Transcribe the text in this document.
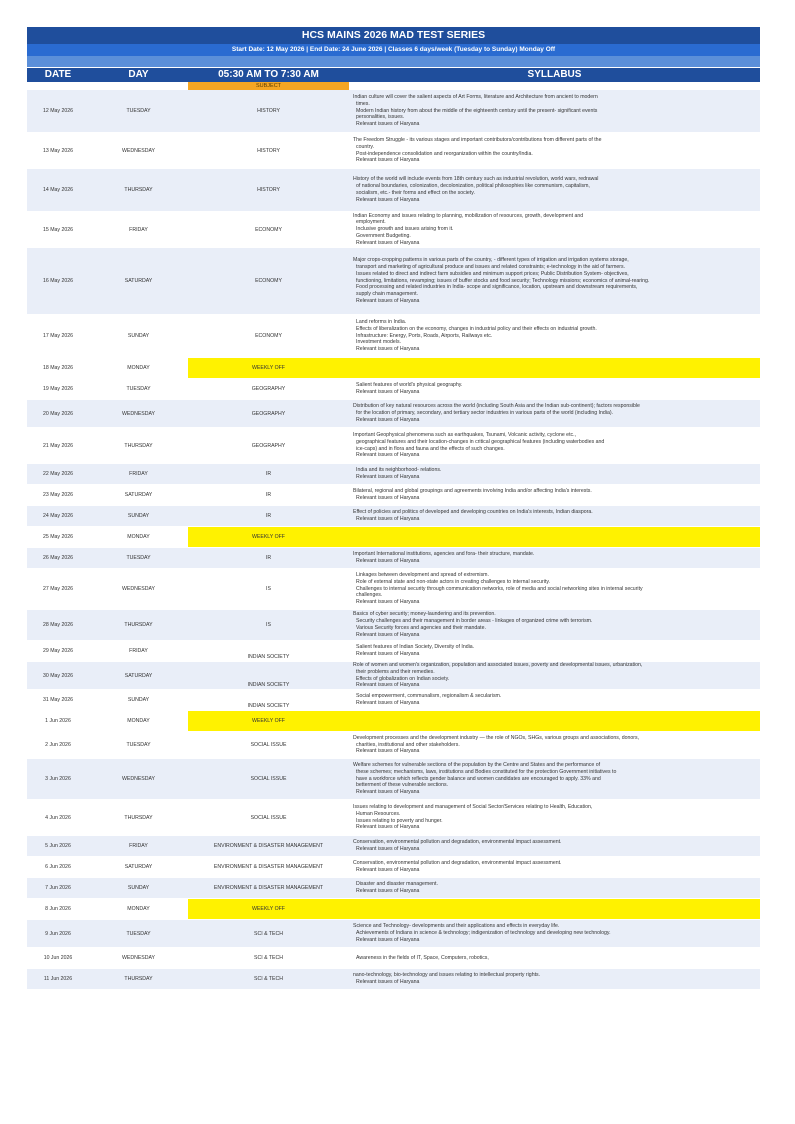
HCS MAINS 2026 MAD TEST SERIES
Start Date: 12 May 2026 | End Date: 24 June 2026 | Classes 6 days/week (Tuesday to Sunday) Monday Off
DATE	DAY	05:30 AM TO 7:30 AM	SYLLABUS
SUBJECT
12 May 2026	TUESDAY	HISTORY
Indian culture will cover the salient aspects of Art Forms, literature and Architecture from ancient to modern
times.
Modern Indian history from about the middle of the eighteenth century until the present- significant events
personalities, issues.
Relevant issues of Haryana
13 May 2026	WEDNESDAY	HISTORY
The Freedom Struggle - its various stages and important contributors/contributions from different parts of the
country.
Post-independence consolidation and reorganization within the country/India.
Relevant issues of Haryana
14 May 2026	THURSDAY	HISTORY
History of the world will include events from 18th century such as industrial revolution, world wars, redrawal
of national boundaries, colonization, decolonization, political philosophies like communism, capitalism,
socialism, etc.- their forms and effect on the society.
Relevant issues of Haryana
15 May 2026	FRIDAY	ECONOMY
Indian Economy and issues relating to planning, mobilization of resources, growth, development and
employment.
Inclusive growth and issues arising from it.
Government Budgeting.
Relevant issues of Haryana
16 May 2026	SATURDAY	ECONOMY
Major crops-cropping patterns in various parts of the country, - different types of irrigation and irrigation systems storage,
transport and marketing of agricultural produce and issues and related constraints; e-technology in the aid of farmers.
Issues related to direct and indirect farm subsidies and minimum support prices; Public Distribution System- objectives,
functioning, limitations, revamping; issues of buffer stocks and food security; Technology missions; economics of animal-rearing.
Food processing and related industries in India- scope and significance, location, upstream and downstream requirements,
supply chain management.
Relevant issues of Haryana
17 May 2026	SUNDAY	ECONOMY
Land reforms in India.
Effects of liberalization on the economy, changes in industrial policy and their effects on industrial growth.
Infrastructure: Energy, Ports, Roads, Airports, Railways etc.
Investment models.
Relevant issues of Haryana
18 May 2026	MONDAY	WEEKLY OFF
19 May 2026	TUESDAY	GEOGRAPHY
Salient features of world's physical geography.
Relevant issues of Haryana
20 May 2026	WEDNESDAY	GEOGRAPHY
Distribution of key natural resources across the world (including South Asia and the Indian sub-continent); factors responsible
for the location of primary, secondary, and tertiary sector industries in various parts of the world (including India).
Relevant issues of Haryana
21 May 2026	THURSDAY	GEOGRAPHY
Important Geophysical phenomena such as earthquakes, Tsunami, Volcanic activity, cyclone etc.,
geographical features and their location-changes in critical geographical features (including waterbodies and
ice-caps) and in flora and fauna and the effects of such changes.
Relevant issues of Haryana
22 May 2026	FRIDAY	IR
India and its neighborhood- relations.
Relevant issues of Haryana
23 May 2026	SATURDAY	IR
Bilateral, regional and global groupings and agreements involving India and/or affecting India's interests.
Relevant issues of Haryana
24 May 2026	SUNDAY	IR
Effect of policies and politics of developed and developing countries on India's interests, Indian diaspora.
Relevant issues of Haryana
25 May 2026	MONDAY	WEEKLY OFF
26 May 2026	TUESDAY	IR
Important International institutions, agencies and fora- their structure, mandate.
Relevant issues of Haryana
27 May 2026	WEDNESDAY	IS
Linkages between development and spread of extremism.
Role of external state and non-state actors in creating challenges to internal security.
Challenges to internal security through communication networks, role of media and social networking sites in internal security
challenges.
Relevant issues of Haryana
28 May 2026	THURSDAY	IS
Basics of cyber security; money-laundering and its prevention.
Security challenges and their management in border areas - linkages of organized crime with terrorism.
Various Security forces and agencies and their mandate.
Relevant issues of Haryana
29 May 2026	FRIDAY
INDIAN SOCIETY
Salient features of Indian Society, Diversity of India.
Relevant issues of Haryana
30 May 2026	SATURDAY
INDIAN SOCIETY
Role of women and women's organization, population and associated issues, poverty and developmental issues, urbanization,
their problems and their remedies.
Effects of globalization on Indian society.
Relevant issues of Haryana
31 May 2026	SUNDAY
INDIAN SOCIETY
Social empowerment, communalism, regionalism & secularism.
Relevant issues of Haryana
1 Jun 2026	MONDAY	WEEKLY OFF
2 Jun 2026	TUESDAY	SOCIAL ISSUE
Development processes and the development industry — the role of NGOs, SHGs, various groups and associations, donors,
charities, institutional and other stakeholders.
Relevant issues of Haryana
3 Jun 2026	WEDNESDAY	SOCIAL ISSUE
Welfare schemes for vulnerable sections of the population by the Centre and States and the performance of
these schemes; mechanisms, laws, institutions and Bodies constituted for the protection Government initiatives to
have a workforce which reflects gender balance and women candidates are encouraged to apply. 33% and
betterment of these vulnerable sections.
Relevant issues of Haryana
4 Jun 2026	THURSDAY	SOCIAL ISSUE
Issues relating to development and management of Social Sector/Services relating to Health, Education,
Human Resources.
Issues relating to poverty and hunger.
Relevant issues of Haryana
5 Jun 2026	FRIDAY	ENVIRONMENT & DISASTER MANAGEMENT
Conservation, environmental pollution and degradation, environmental impact assessment.
Relevant issues of Haryana
6 Jun 2026	SATURDAY	ENVIRONMENT & DISASTER MANAGEMENT
Conservation, environmental pollution and degradation, environmental impact assessment.
Relevant issues of Haryana
7 Jun 2026	SUNDAY	ENVIRONMENT & DISASTER MANAGEMENT
Disaster and disaster management.
Relevant issues of Haryana
8 Jun 2026	MONDAY	WEEKLY OFF
9 Jun 2026	TUESDAY	SCI & TECH
Science and Technology- developments and their applications and effects in everyday life.
Achievements of Indians in science & technology; indigenization of technology and developing new technology.
Relevant issues of Haryana
10 Jun 2026	WEDNESDAY	SCI & TECH	Awareness in the fields of IT, Space, Computers, robotics,
11 Jun 2026	THURSDAY	SCI & TECH
nano-technology, bio-technology and issues relating to intellectual property rights.
Relevant issues of Haryana
